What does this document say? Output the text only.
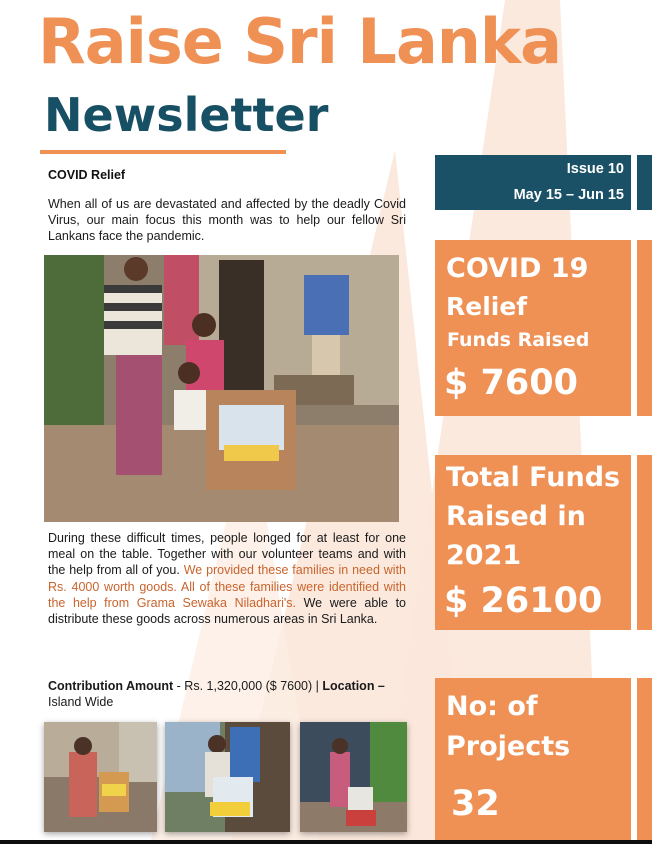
Raise Sri Lanka
Newsletter
COVID Relief

When all of us are devastated and affected by the deadly Covid Virus, our main focus this month was to help our fellow Sri Lankans face the pandemic.

During these difficult times, people longed for at least for one meal on the table. Together with our volunteer teams and with the help from all of you. We provided these families in need with Rs. 4000 worth goods. All of these families were identified with the help from Grama Sewaka Niladhari's. We were able to distribute these goods across numerous areas in Sri Lanka.

Contribution Amount - Rs. 1,320,000 ($ 7600) | Location – Island Wide

Issue 10
May 15 – Jun 15
COVID 19
Relief
Funds Raised
$ 7600
Total Funds
Raised in
2021
$ 26100
No: of
Projects
32
